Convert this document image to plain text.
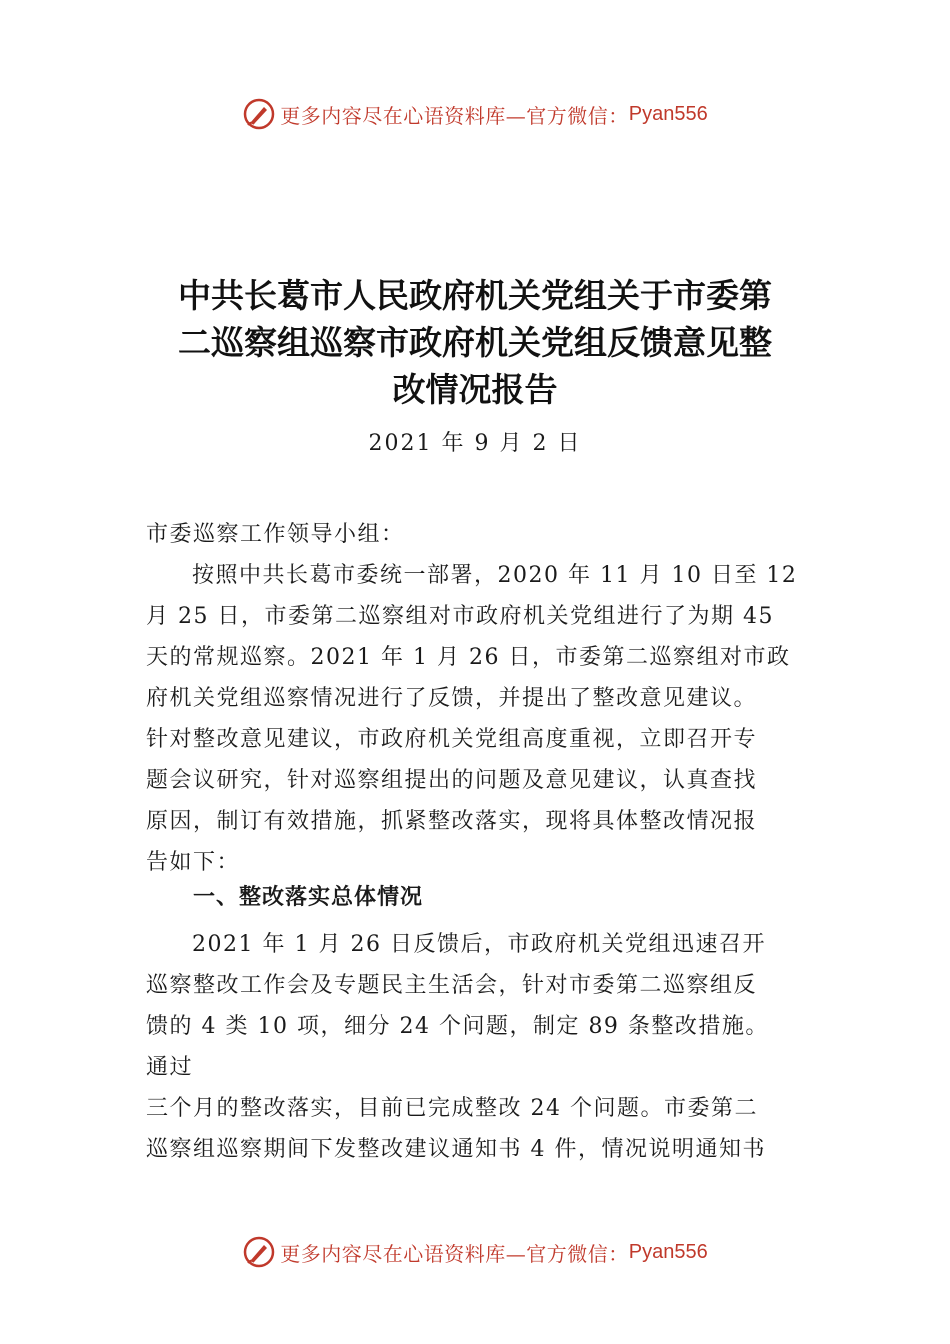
更多内容尽在心语资料库—官方微信： Pyan556
中共长葛市人民政府机关党组关于市委第
二巡察组巡察市政府机关党组反馈意见整
改情况报告
2021 年 9 月 2 日
市委巡察工作领导小组：
按照中共长葛市委统一部署，2020 年 11 月 10 日至 12
月 25 日，市委第二巡察组对市政府机关党组进行了为期 45
天的常规巡察。2021 年 1 月 26 日，市委第二巡察组对市政
府机关党组巡察情况进行了反馈，并提出了整改意见建议。
针对整改意见建议，市政府机关党组高度重视，立即召开专
题会议研究，针对巡察组提出的问题及意见建议，认真查找
原因，制订有效措施，抓紧整改落实，现将具体整改情况报
告如下：
一、整改落实总体情况
2021 年 1 月 26 日反馈后，市政府机关党组迅速召开
巡察整改工作会及专题民主生活会，针对市委第二巡察组反
馈的 4 类 10 项，细分 24 个问题，制定 89 条整改措施。
通过
三个月的整改落实，目前已完成整改 24 个问题。市委第二
巡察组巡察期间下发整改建议通知书 4 件，情况说明通知书
更多内容尽在心语资料库—官方微信： Pyan556
